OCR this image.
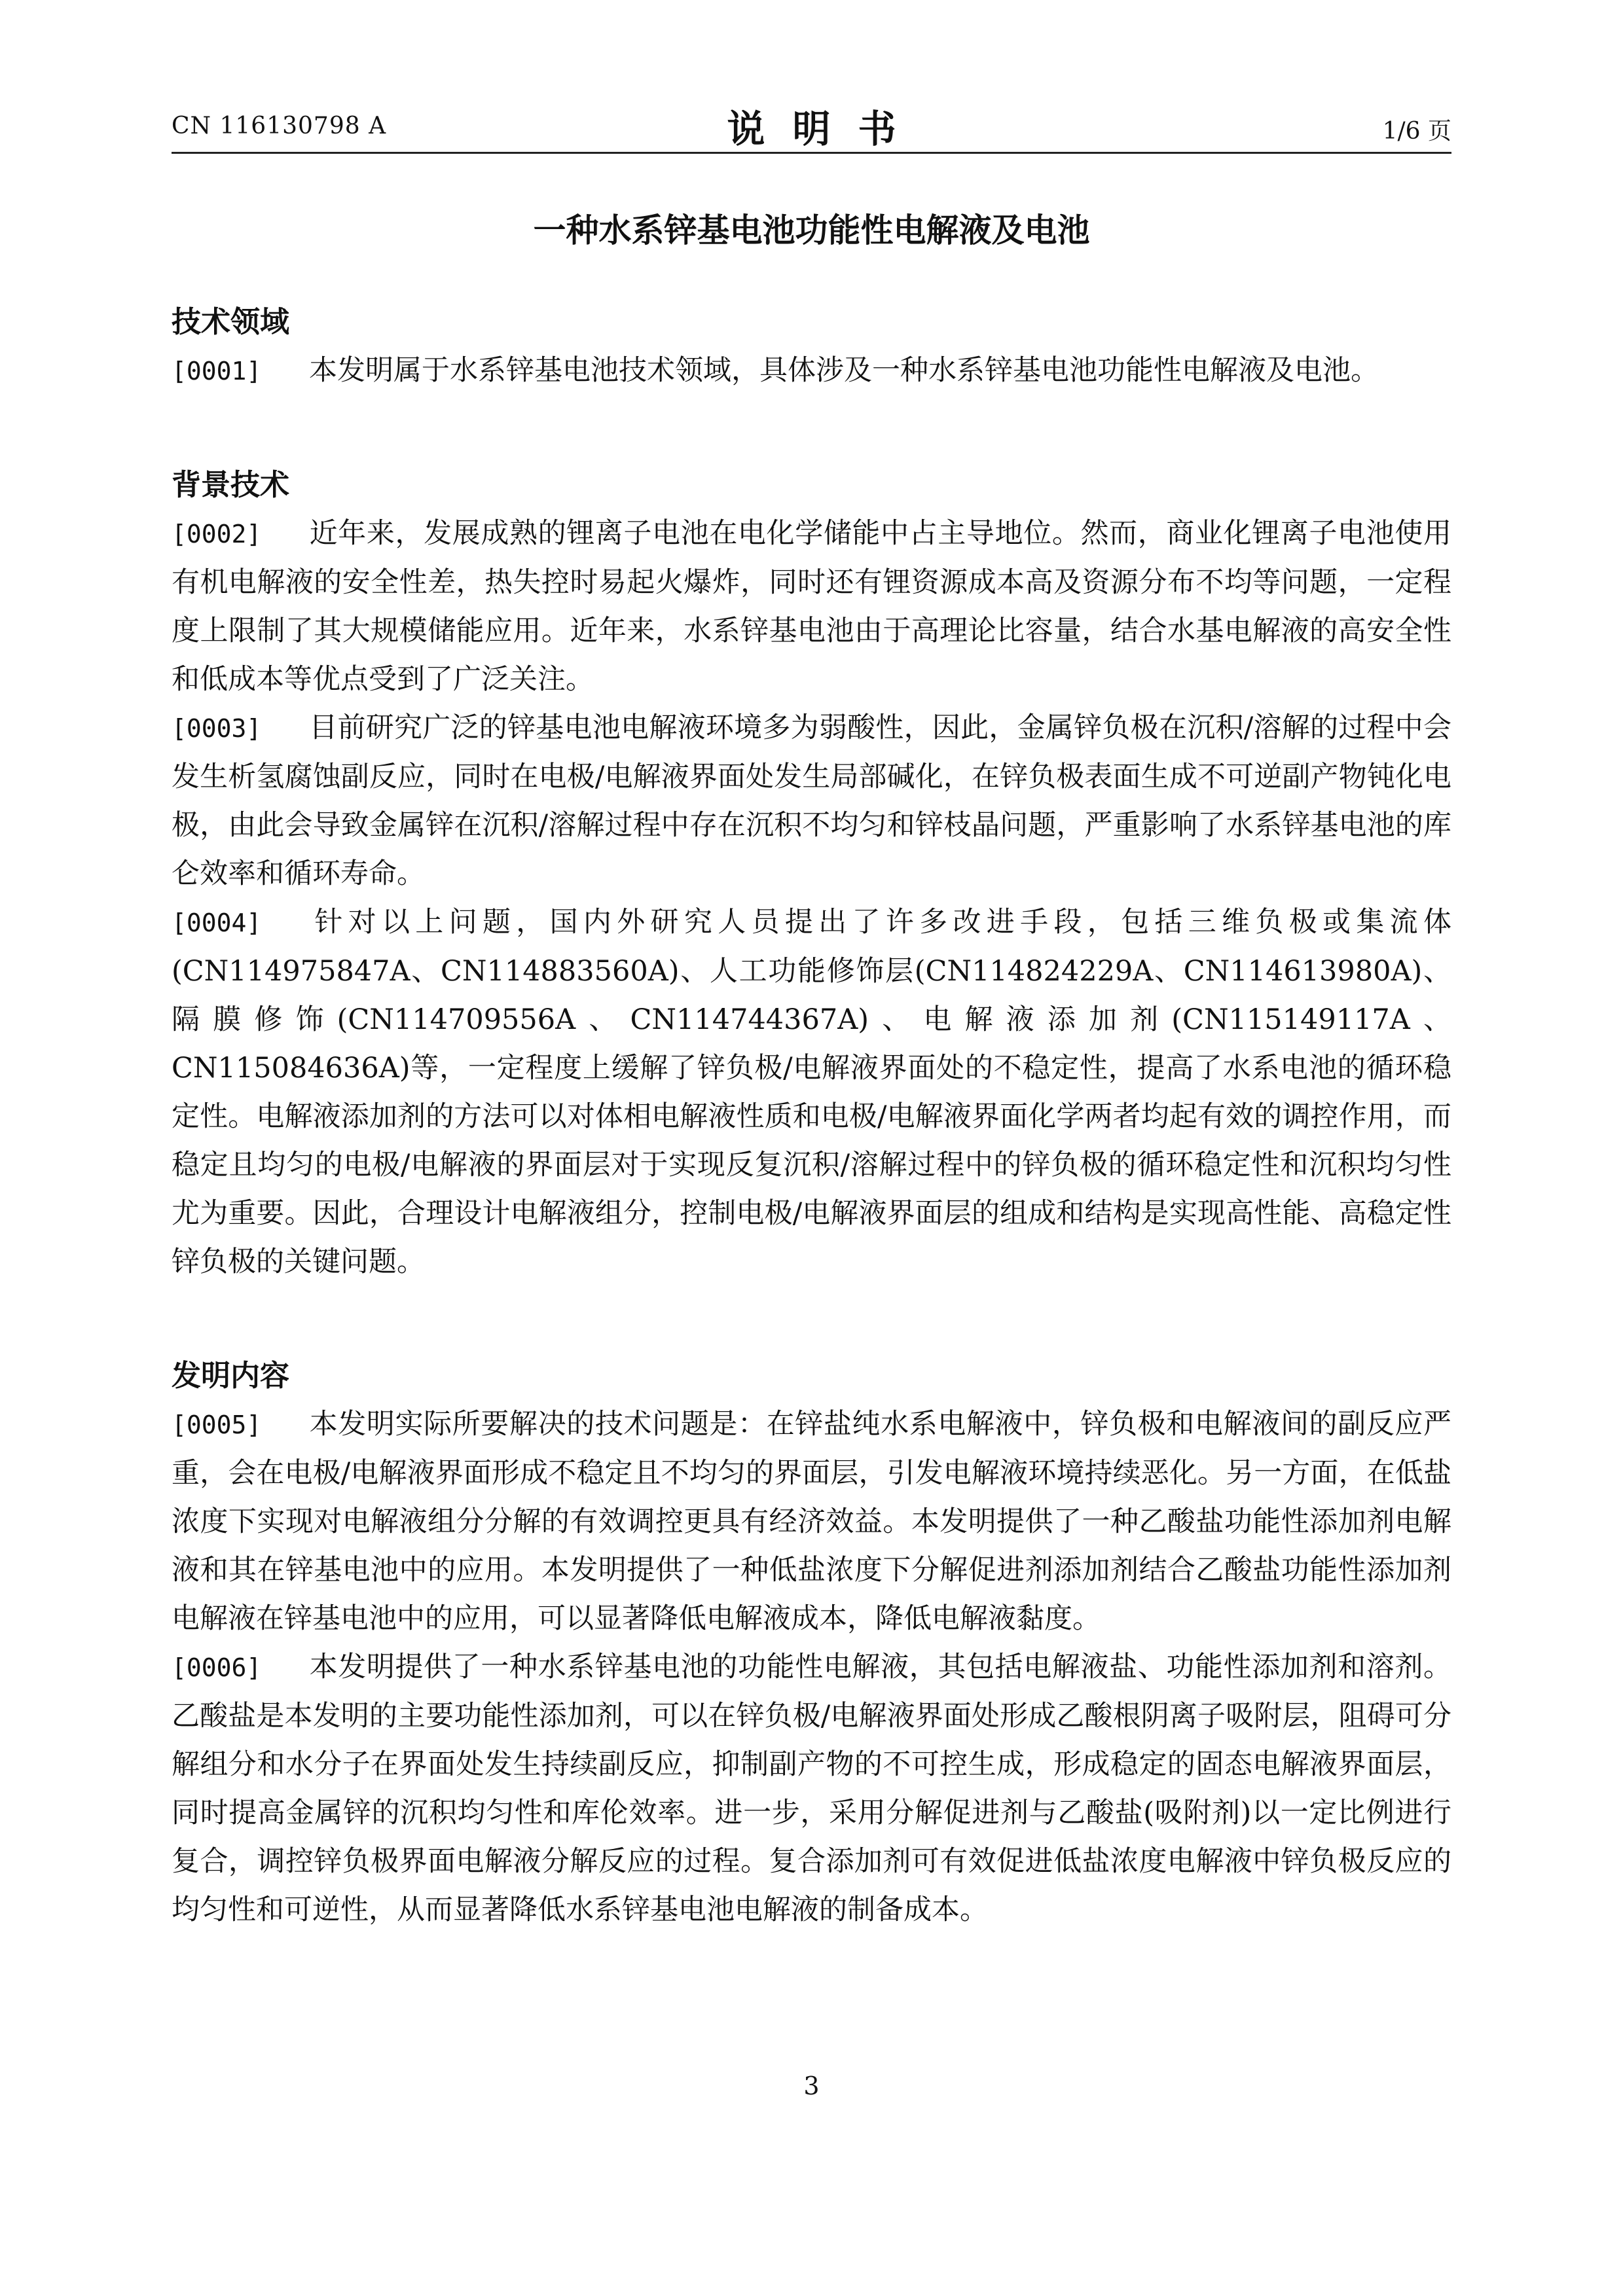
CN 116130798 A	说明书	1/6 页
一种水系锌基电池功能性电解液及电池
技术领域

[0001] 本发明属于水系锌基电池技术领域，具体涉及一种水系锌基电池功能性电解液及电池。

背景技术

[0002] 近年来，发展成熟的锂离子电池在电化学储能中占主导地位。然而，商业化锂离子电池使用有机电解液的安全性差，热失控时易起火爆炸，同时还有锂资源成本高及资源分布不均等问题，一定程度上限制了其大规模储能应用。近年来，水系锌基电池由于高理论比容量，结合水基电解液的高安全性和低成本等优点受到了广泛关注。

[0003] 目前研究广泛的锌基电池电解液环境多为弱酸性，因此，金属锌负极在沉积/溶解的过程中会发生析氢腐蚀副反应，同时在电极/电解液界面处发生局部碱化，在锌负极表面生成不可逆副产物钝化电极，由此会导致金属锌在沉积/溶解过程中存在沉积不均匀和锌枝晶问题，严重影响了水系锌基电池的库仑效率和循环寿命。

[0004] 针对以上问题，国内外研究人员提出了许多改进手段，包括三维负极或集流体(CN114975847A、CN114883560A)、人工功能修饰层(CN114824229A、CN114613980A)、隔膜修饰(CN114709556A、CN114744367A)、电解液添加剂(CN115149117A、CN115084636A)等，一定程度上缓解了锌负极/电解液界面处的不稳定性，提高了水系电池的循环稳定性。电解液添加剂的方法可以对体相电解液性质和电极/电解液界面化学两者均起有效的调控作用，而稳定且均匀的电极/电解液的界面层对于实现反复沉积/溶解过程中的锌负极的循环稳定性和沉积均匀性尤为重要。因此，合理设计电解液组分，控制电极/电解液界面层的组成和结构是实现高性能、高稳定性锌负极的关键问题。

发明内容

[0005] 本发明实际所要解决的技术问题是：在锌盐纯水系电解液中，锌负极和电解液间的副反应严重，会在电极/电解液界面形成不稳定且不均匀的界面层，引发电解液环境持续恶化。另一方面，在低盐浓度下实现对电解液组分分解的有效调控更具有经济效益。本发明提供了一种乙酸盐功能性添加剂电解液和其在锌基电池中的应用。本发明提供了一种低盐浓度下分解促进剂添加剂结合乙酸盐功能性添加剂电解液在锌基电池中的应用，可以显著降低电解液成本，降低电解液黏度。

[0006] 本发明提供了一种水系锌基电池的功能性电解液，其包括电解液盐、功能性添加剂和溶剂。乙酸盐是本发明的主要功能性添加剂，可以在锌负极/电解液界面处形成乙酸根阴离子吸附层，阻碍可分解组分和水分子在界面处发生持续副反应，抑制副产物的不可控生成，形成稳定的固态电解液界面层，同时提高金属锌的沉积均匀性和库伦效率。进一步，采用分解促进剂与乙酸盐(吸附剂)以一定比例进行复合，调控锌负极界面电解液分解反应的过程。复合添加剂可有效促进低盐浓度电解液中锌负极反应的均匀性和可逆性，从而显著降低水系锌基电池电解液的制备成本。

3
